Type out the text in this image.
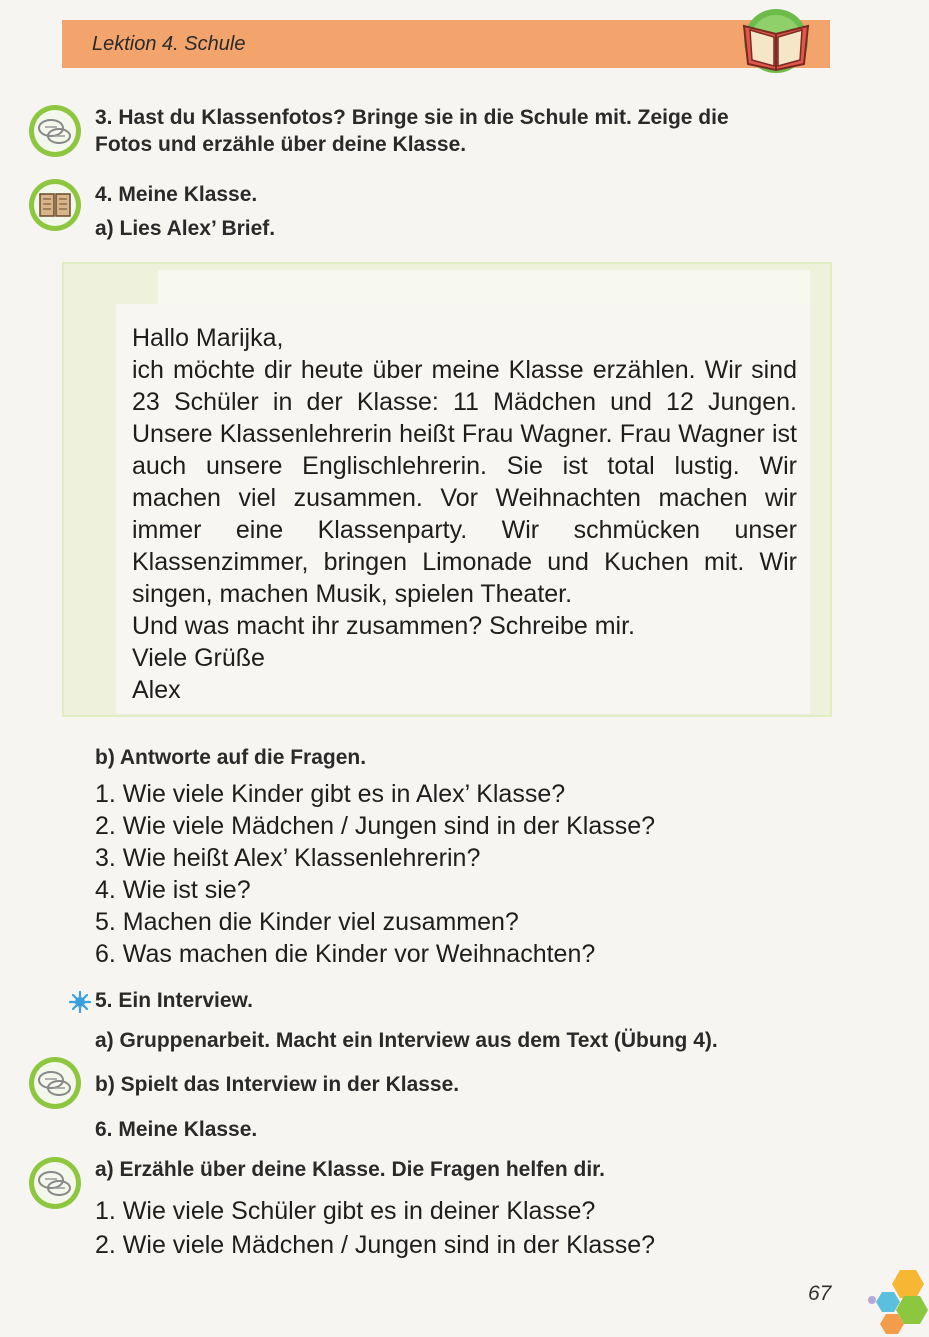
Lektion 4. Schule
3. Hast du Klassenfotos? Bringe sie in die Schule mit. Zeige die
Fotos und erzähle über deine Klasse.
4. Meine Klasse.
a) Lies Alex’ Brief.

Hallo Marijka,

ich möchte dir heute über meine Klasse erzählen. Wir sind 23 Schüler in der Klasse: 11 Mädchen und 12 Jungen. Unsere Klassenlehrerin heißt Frau Wagner. Frau Wagner ist auch unsere Englischlehrerin. Sie ist total lustig. Wir machen viel zusammen. Vor Weihnachten machen wir immer eine Klassenparty. Wir schmücken unser Klassenzimmer, bringen Limonade und Kuchen mit. Wir singen, machen Musik, spielen Theater.

Und was macht ihr zusammen? Schreibe mir.

Viele Grüße

Alex

b) Antworte auf die Fragen.
1. Wie viele Kinder gibt es in Alex’ Klasse?
2. Wie viele Mädchen / Jungen sind in der Klasse?
3. Wie heißt Alex’ Klassenlehrerin?
4. Wie ist sie?
5. Machen die Kinder viel zusammen?
6. Was machen die Kinder vor Weihnachten?
5. Ein Interview.
a) Gruppenarbeit. Macht ein Interview aus dem Text (Übung 4).
b) Spielt das Interview in der Klasse.
6. Meine Klasse.
a) Erzähle über deine Klasse. Die Fragen helfen dir.
1. Wie viele Schüler gibt es in deiner Klasse?
2. Wie viele Mädchen / Jungen sind in der Klasse?
67
